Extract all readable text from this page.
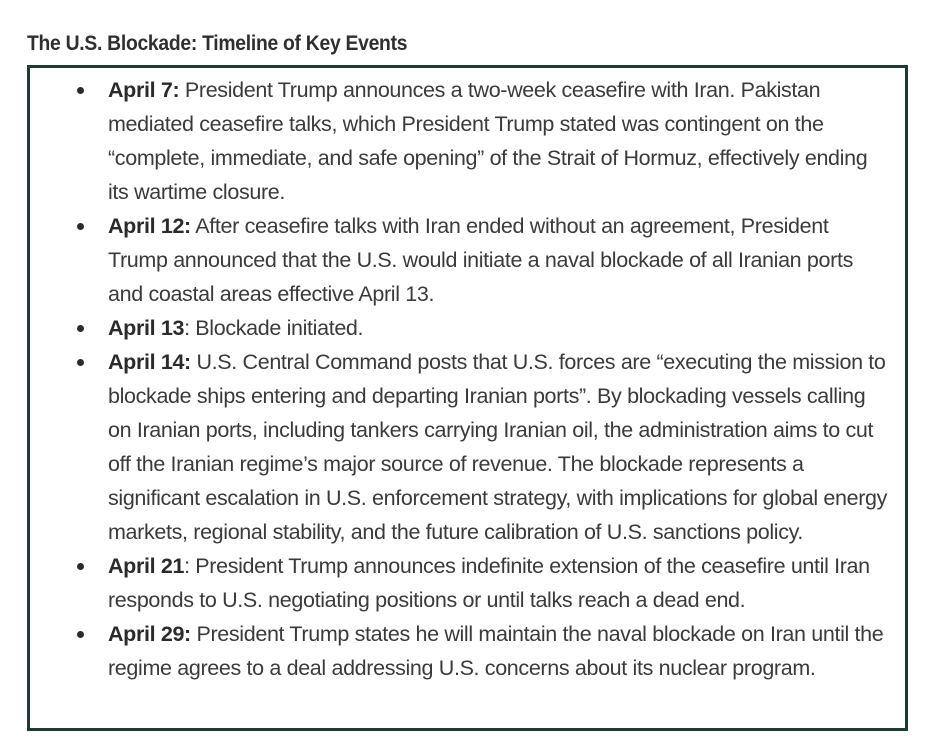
The U.S. Blockade: Timeline of Key Events
April 7: President Trump announces a two-week ceasefire with Iran. Pakistan mediated ceasefire talks, which President Trump stated was contingent on the “complete, immediate, and safe opening” of the Strait of Hormuz, effectively ending its wartime closure.
April 12: After ceasefire talks with Iran ended without an agreement, President Trump announced that the U.S. would initiate a naval blockade of all Iranian ports and coastal areas effective April 13.
April 13: Blockade initiated.
April 14: U.S. Central Command posts that U.S. forces are “executing the mission to blockade ships entering and departing Iranian ports”. By blockading vessels calling on Iranian ports, including tankers carrying Iranian oil, the administration aims to cut off the Iranian regime’s major source of revenue. The blockade represents a significant escalation in U.S. enforcement strategy, with implications for global energy markets, regional stability, and the future calibration of U.S. sanctions policy.
April 21: President Trump announces indefinite extension of the ceasefire until Iran responds to U.S. negotiating positions or until talks reach a dead end.
April 29: President Trump states he will maintain the naval blockade on Iran until the regime agrees to a deal addressing U.S. concerns about its nuclear program.
